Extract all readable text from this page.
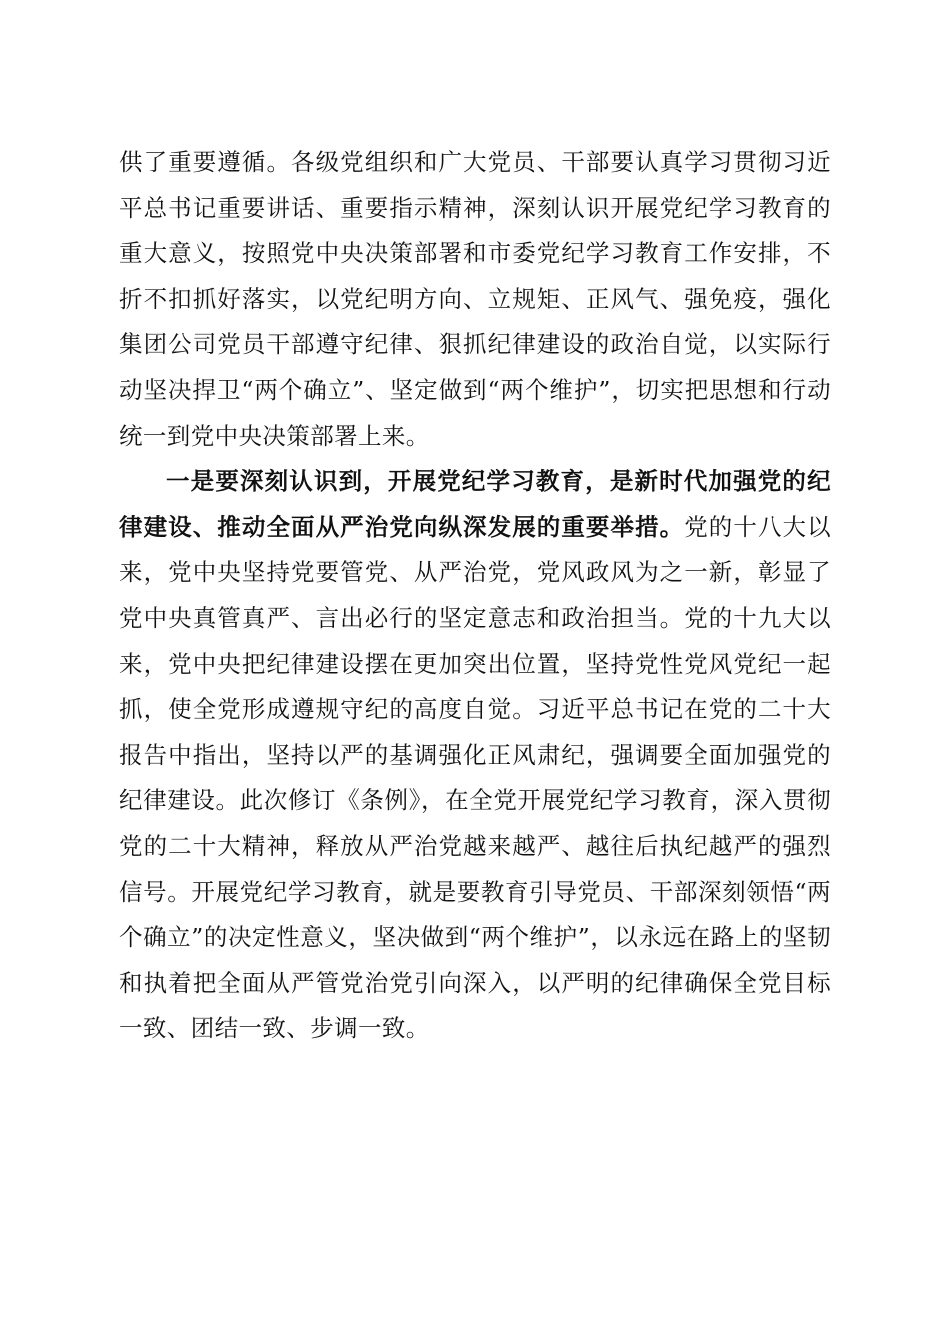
供了重要遵循。各级党组织和广大党员、干部要认真学习贯彻习近平总书记重要讲话、重要指示精神，深刻认识开展党纪学习教育的重大意义，按照党中央决策部署和市委党纪学习教育工作安排，不折不扣抓好落实，以党纪明方向、立规矩、正风气、强免疫，强化集团公司党员干部遵守纪律、狠抓纪律建设的政治自觉，以实际行动坚决捍卫“两个确立”、坚定做到“两个维护”，切实把思想和行动统一到党中央决策部署上来。

一是要深刻认识到，开展党纪学习教育，是新时代加强党的纪律建设、推动全面从严治党向纵深发展的重要举措。党的十八大以来，党中央坚持党要管党、从严治党，党风政风为之一新，彰显了党中央真管真严、言出必行的坚定意志和政治担当。党的十九大以来，党中央把纪律建设摆在更加突出位置，坚持党性党风党纪一起抓，使全党形成遵规守纪的高度自觉。习近平总书记在党的二十大报告中指出，坚持以严的基调强化正风肃纪，强调要全面加强党的纪律建设。此次修订《条例》，在全党开展党纪学习教育，深入贯彻党的二十大精神，释放从严治党越来越严、越往后执纪越严的强烈信号。开展党纪学习教育，就是要教育引导党员、干部深刻领悟“两个确立”的决定性意义，坚决做到“两个维护”，以永远在路上的坚韧和执着把全面从严管党治党引向深入，以严明的纪律确保全党目标一致、团结一致、步调一致。
